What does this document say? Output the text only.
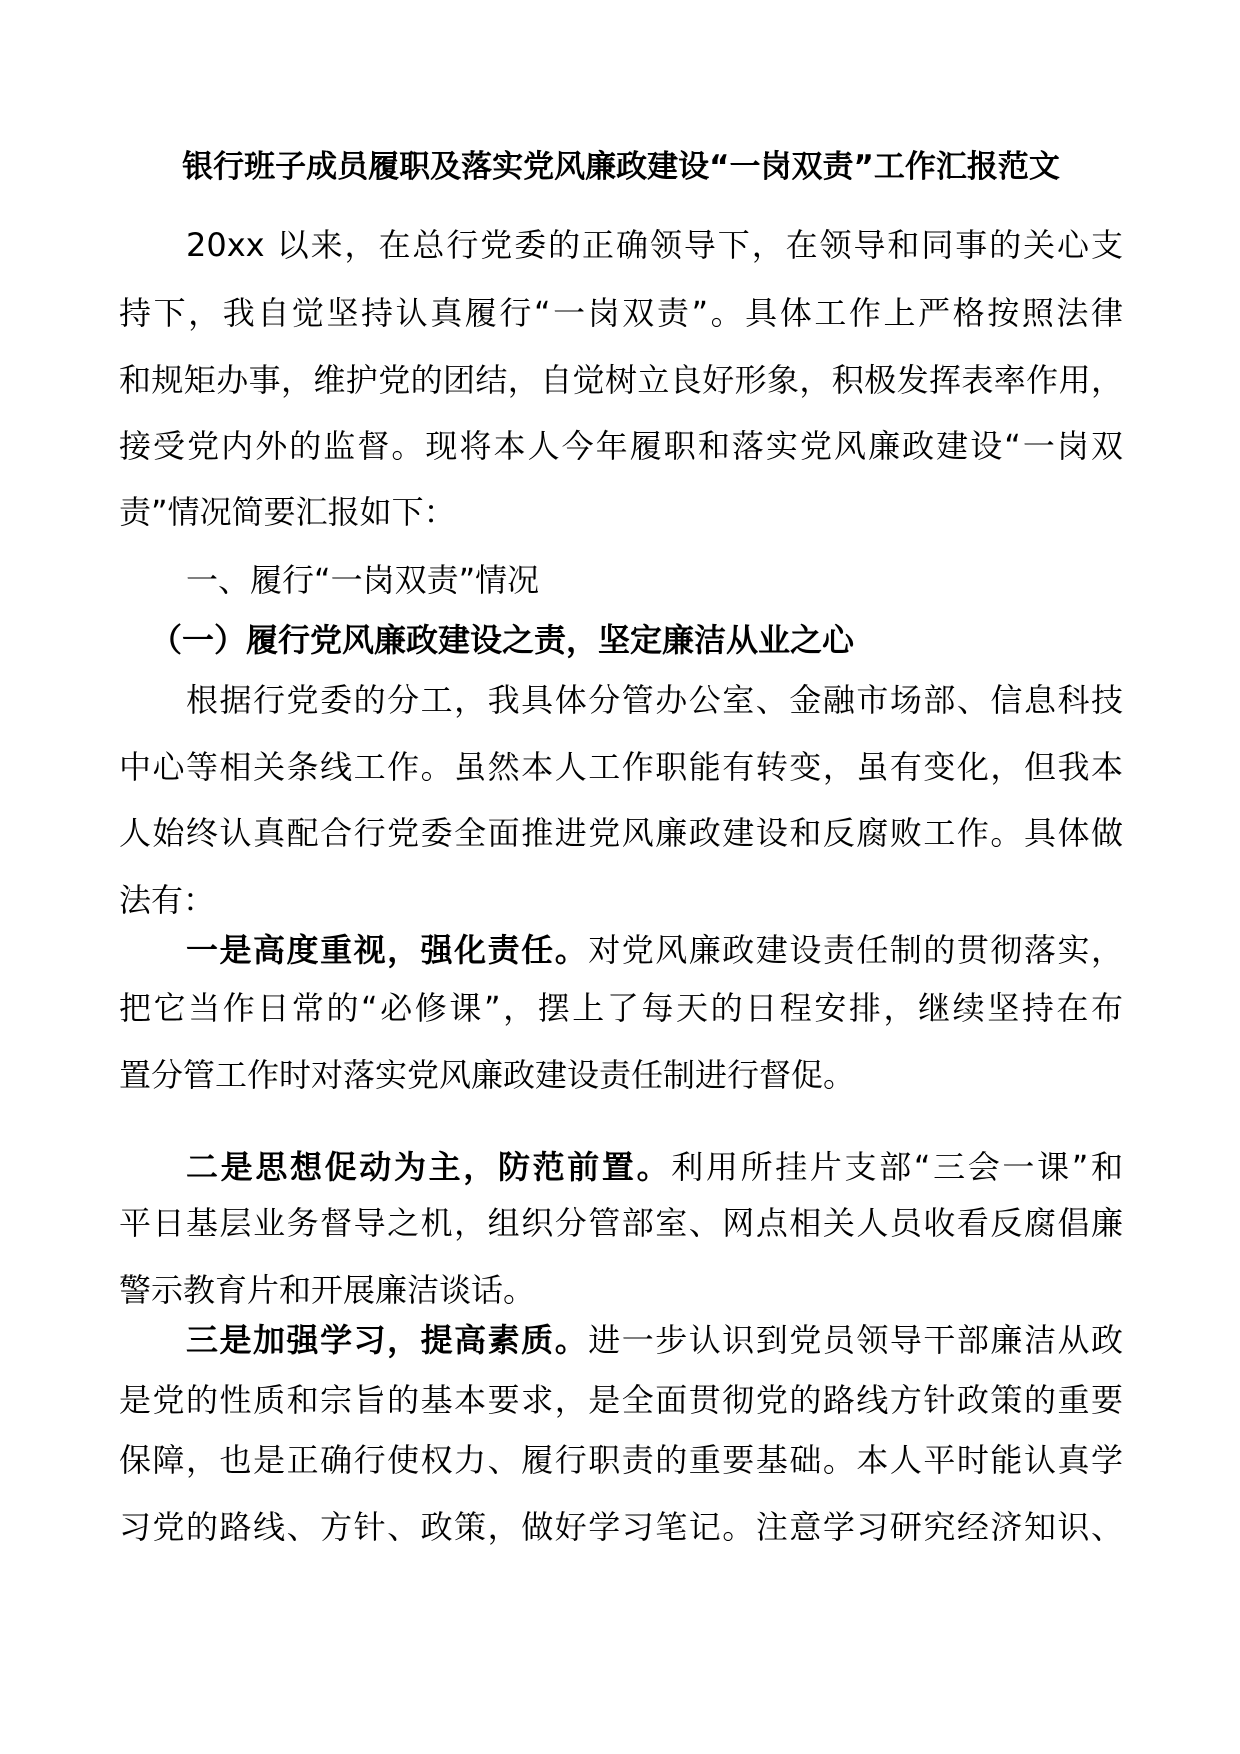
银行班子成员履职及落实党风廉政建设“一岗双责”工作汇报范文
20xx 以来，在总行党委的正确领导下，在领导和同事的关心支
持下，我自觉坚持认真履行“一岗双责”。具体工作上严格按照法律
和规矩办事，维护党的团结，自觉树立良好形象，积极发挥表率作用，
接受党内外的监督。现将本人今年履职和落实党风廉政建设“一岗双
责”情况简要汇报如下：
一、履行“一岗双责”情况
（一）履行党风廉政建设之责，坚定廉洁从业之心
根据行党委的分工，我具体分管办公室、金融市场部、信息科技
中心等相关条线工作。虽然本人工作职能有转变，虽有变化，但我本
人始终认真配合行党委全面推进党风廉政建设和反腐败工作。具体做
法有：
一是高度重视，强化责任。对党风廉政建设责任制的贯彻落实，
把它当作日常的“必修课”，摆上了每天的日程安排，继续坚持在布
置分管工作时对落实党风廉政建设责任制进行督促。
二是思想促动为主，防范前置。利用所挂片支部“三会一课”和
平日基层业务督导之机，组织分管部室、网点相关人员收看反腐倡廉
警示教育片和开展廉洁谈话。
三是加强学习，提高素质。进一步认识到党员领导干部廉洁从政
是党的性质和宗旨的基本要求，是全面贯彻党的路线方针政策的重要
保障，也是正确行使权力、履行职责的重要基础。本人平时能认真学
习党的路线、方针、政策，做好学习笔记。注意学习研究经济知识、
